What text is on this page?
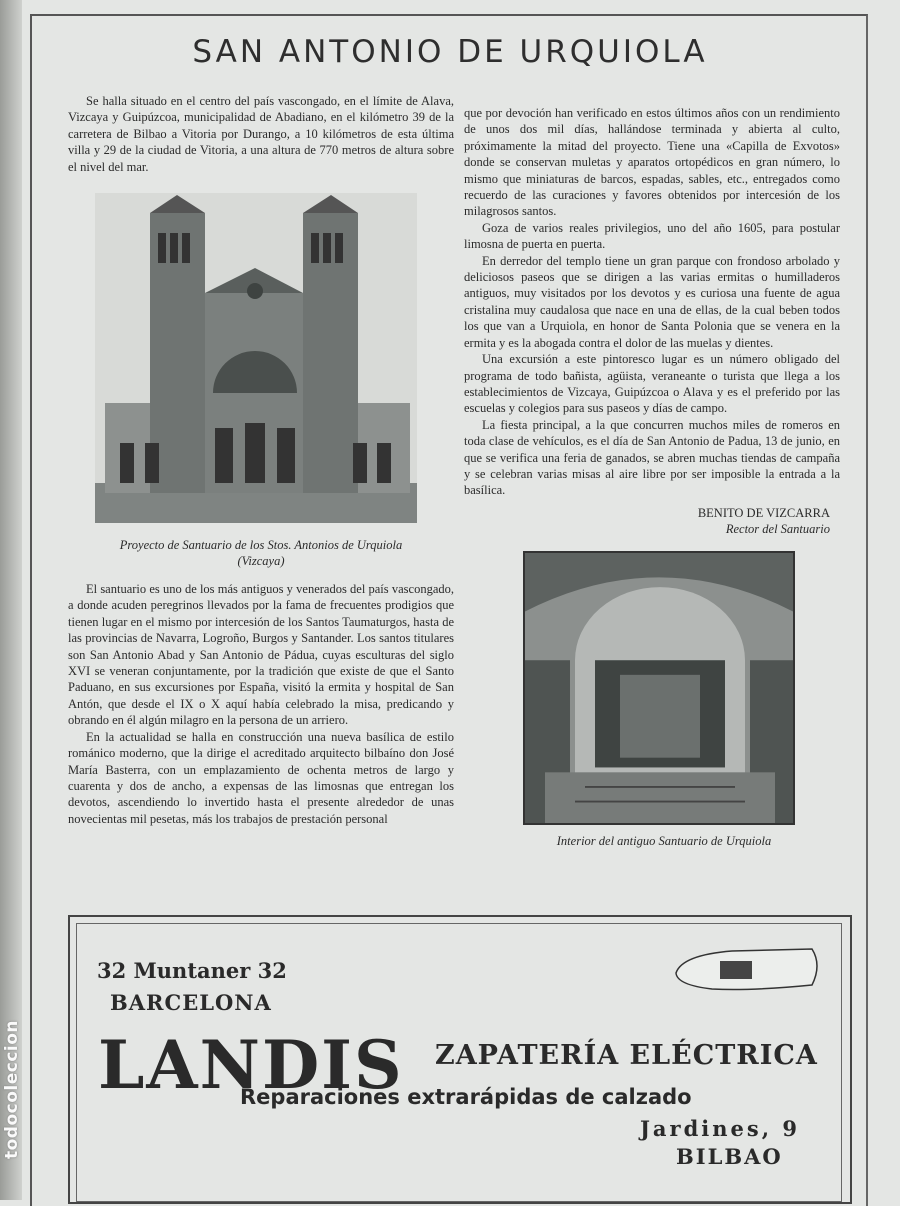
todocoleccion
SAN ANTONIO DE URQUIOLA

Se halla situado en el centro del país vascongado, en el límite de Alava, Vizcaya y Guipúzcoa, municipalidad de Abadiano, en el kilómetro 39 de la carretera de Bilbao a Vitoria por Durango, a 10 kilómetros de esta última villa y 29 de la ciudad de Vitoria, a una altura de 770 metros de altura sobre el nivel del mar.

Proyecto de Santuario de los Stos. Antonios de Urquiola (Vizcaya)

El santuario es uno de los más antiguos y venerados del país vascongado, a donde acuden peregrinos llevados por la fama de frecuentes prodigios que tienen lugar en el mismo por intercesión de los Santos Taumaturgos, hasta de las provincias de Navarra, Logroño, Burgos y Santander. Los santos titulares son San Antonio Abad y San Antonio de Pádua, cuyas esculturas del siglo XVI se veneran conjuntamente, por la tradición que existe de que el Santo Paduano, en sus excursiones por España, visitó la ermita y hospital de San Antón, que desde el IX o X aquí había celebrado la misa, predicando y obrando en él algún milagro en la persona de un arriero.

En la actualidad se halla en construcción una nueva basílica de estilo románico moderno, que la dirige el acreditado arquitecto bilbaíno don José María Basterra, con un emplazamiento de ochenta metros de largo y cuarenta y dos de ancho, a expensas de las limosnas que entregan los devotos, ascendiendo lo invertido hasta el presente alrededor de unas novecientas mil pesetas, más los trabajos de prestación personal

que por devoción han verificado en estos últimos años con un rendimiento de unos dos mil días, hallándose terminada y abierta al culto, próximamente la mitad del proyecto. Tiene una «Capilla de Exvotos» donde se conservan muletas y aparatos ortopédicos en gran número, lo mismo que miniaturas de barcos, espadas, sables, etc., entregados como recuerdo de las curaciones y favores obtenidos por intercesión de los milagrosos santos.

Goza de varios reales privilegios, uno del año 1605, para postular limosna de puerta en puerta.

En derredor del templo tiene un gran parque con frondoso arbolado y deliciosos paseos que se dirigen a las varias ermitas o humilladeros antiguos, muy visitados por los devotos y es curiosa una fuente de agua cristalina muy caudalosa que nace en una de ellas, de la cual beben todos los que van a Urquiola, en honor de Santa Polonia que se venera en la ermita y es la abogada contra el dolor de las muelas y dientes.

Una excursión a este pintoresco lugar es un número obligado del programa de todo bañista, agüista, veraneante o turista que llega a los establecimientos de Vizcaya, Guipúzcoa o Alava y es el preferido por las escuelas y colegios para sus paseos y días de campo.

La fiesta principal, a la que concurren muchos miles de romeros en toda clase de vehículos, es el día de San Antonio de Padua, 13 de junio, en que se verifica una feria de ganados, se abren muchas tiendas de campaña y se celebran varias misas al aire libre por ser imposible la entrada a la basílica.

BENITO DE VIZCARRA
Rector del Santuario
Interior del antiguo Santuario de Urquiola
32 Muntaner 32
BARCELONA
LANDIS ZAPATERÍA ELÉCTRICA
Reparaciones extrarápidas de calzado
Jardines, 9
BILBAO
